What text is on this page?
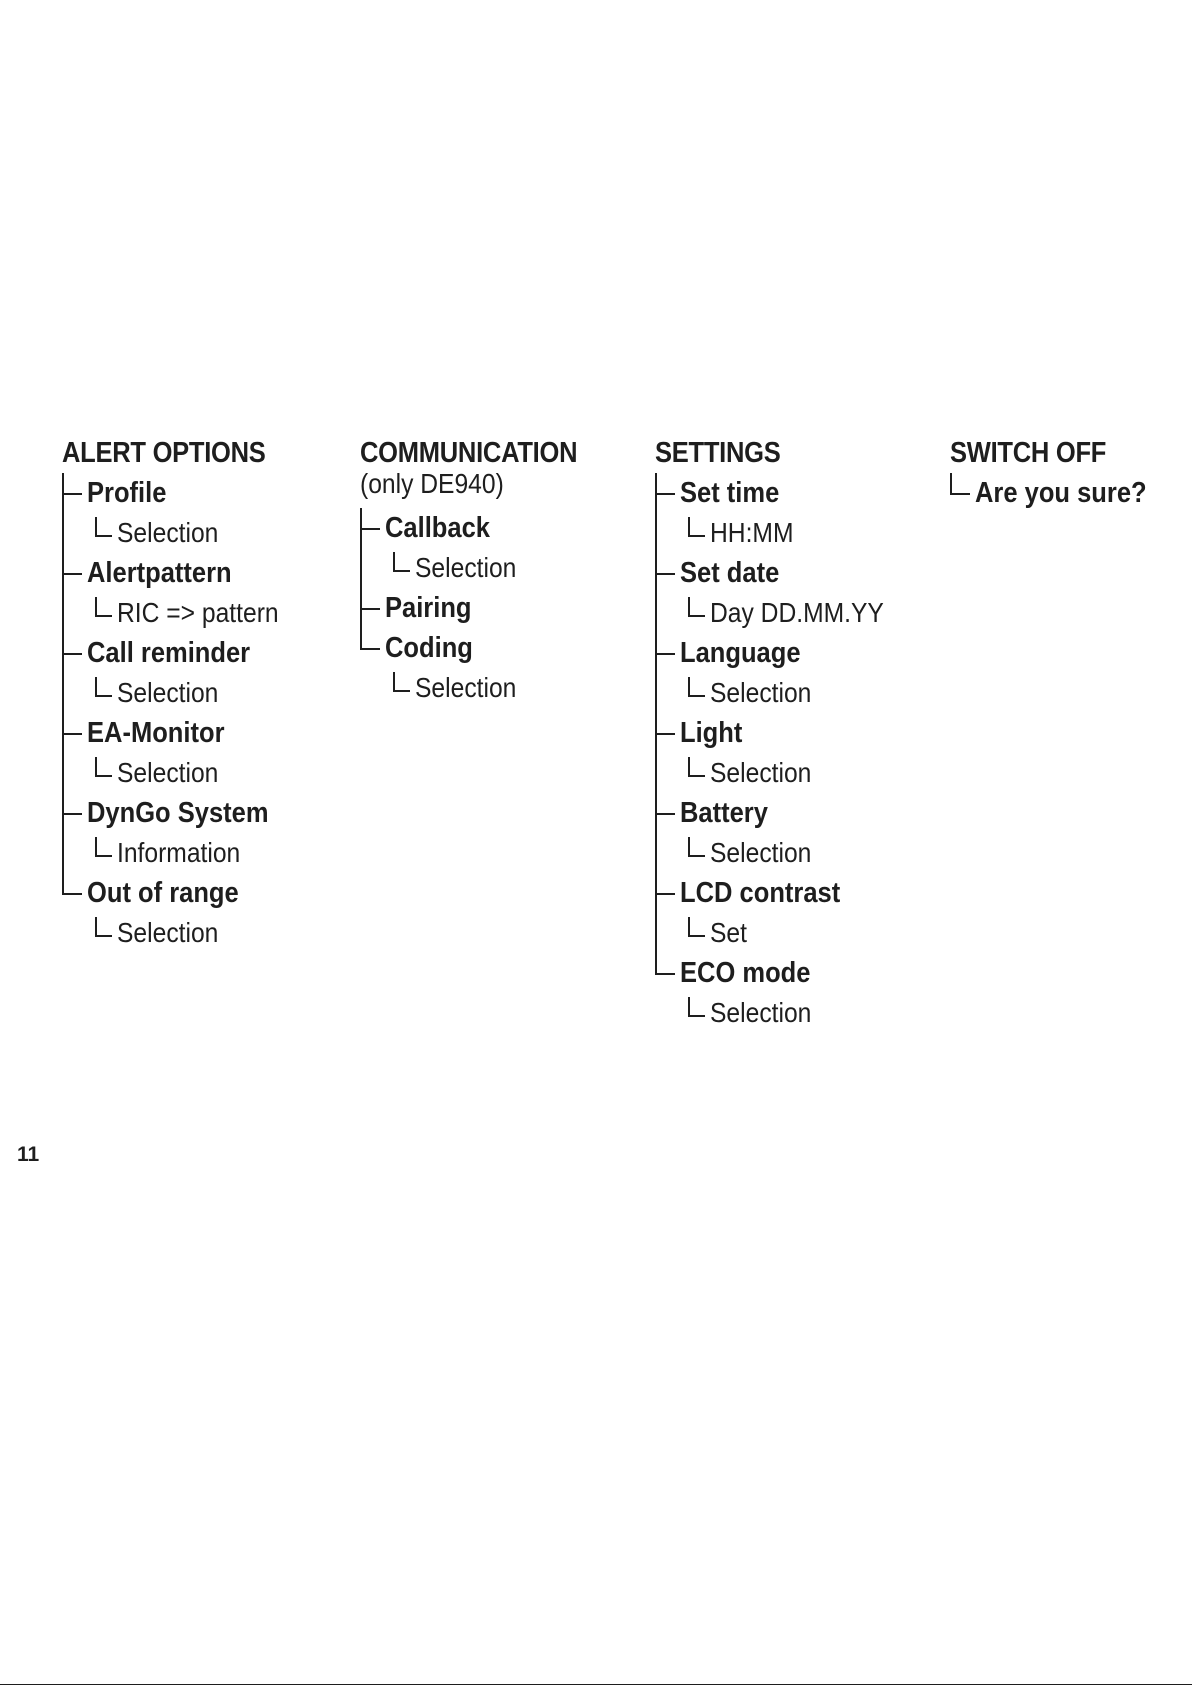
ALERT OPTIONS
Profile
Selection
Alertpattern
RIC => pattern
Call reminder
Selection
EA-Monitor
Selection
DynGo System
Information
Out of range
Selection
COMMUNICATION
(only DE940)
Callback
Selection
Pairing
Coding
Selection
SETTINGS
Set time
HH:MM
Set date
Day DD.MM.YY
Language
Selection
Light
Selection
Battery
Selection
LCD contrast
Set
ECO mode
Selection
SWITCH OFF
Are you sure?
11
